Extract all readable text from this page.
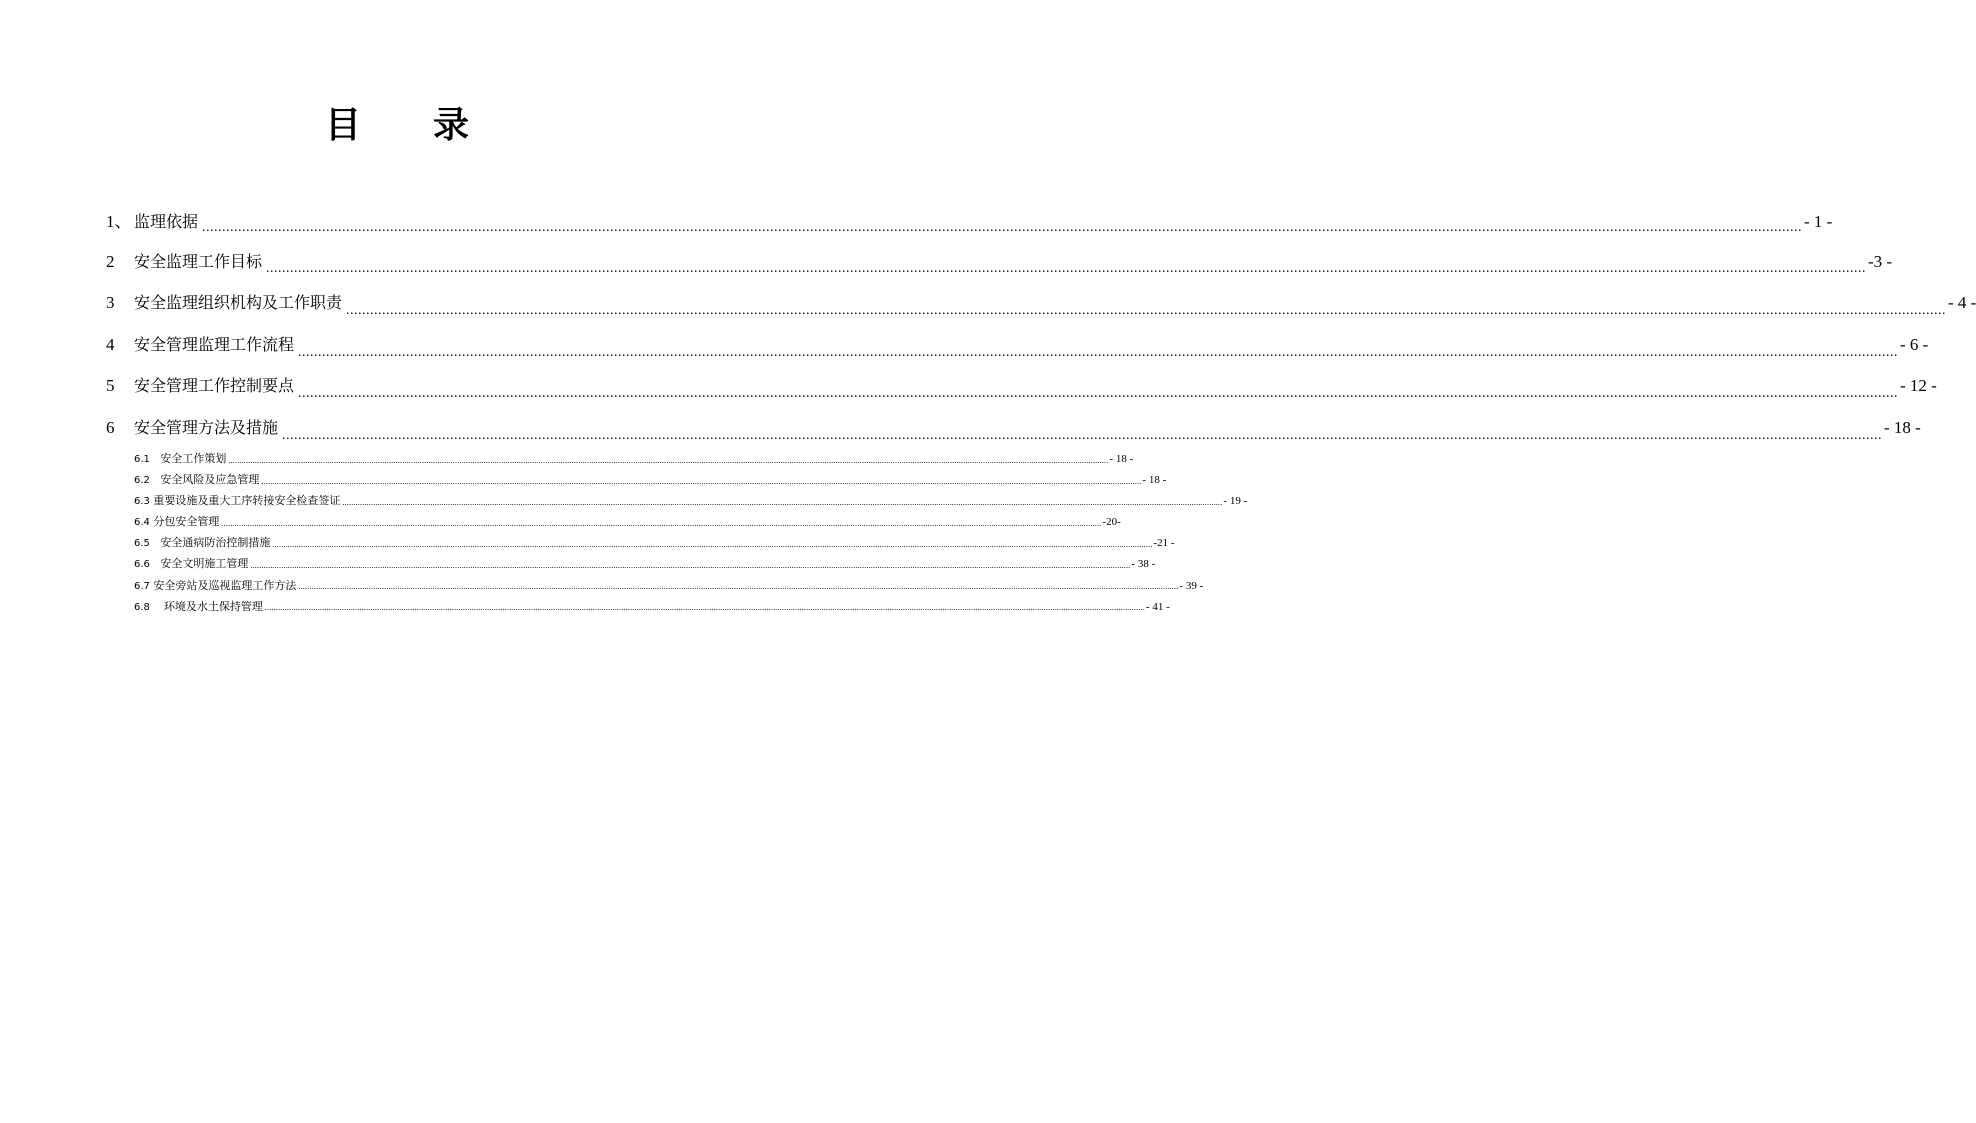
目 录
1、 监理依据 ................................................................................................................................................................................................................................................................................................................................................................................................................ - 1 -
2	安全监理工作目标 ................................................................................................................................................................................................................................................................................................................................................................................................................ -3 -
3	安全监理组织机构及工作职责 ................................................................................................................................................................................................................................................................................................................................................................................................................ - 4 -
4	安全管理监理工作流程 ................................................................................................................................................................................................................................................................................................................................................................................................................ - 6 -
5	安全管理工作控制要点 ................................................................................................................................................................................................................................................................................................................................................................................................................ - 12 -
6	安全管理方法及措施 ................................................................................................................................................................................................................................................................................................................................................................................................................ - 18 -
6.1 安全工作策划 ................................................................................................................................................................................................................................................................................................................................................................................................................ - 18 -
6.2 安全风险及应急管理 ................................................................................................................................................................................................................................................................................................................................................................................................................ - 18 -
6.3 重要设施及重大工序转接安全检查签证 ................................................................................................................................................................................................................................................................................................................................................................................................................ - 19 -
6.4 分包安全管理 ................................................................................................................................................................................................................................................................................................................................................................................................................ -20-
6.5 安全通病防治控制措施 ................................................................................................................................................................................................................................................................................................................................................................................................................ -21 -
6.6 安全文明施工管理 ................................................................................................................................................................................................................................................................................................................................................................................................................ - 38 -
6.7 安全旁站及巡视监理工作方法 ................................................................................................................................................................................................................................................................................................................................................................................................................ - 39 -
6.8 环境及水土保持管理 ................................................................................................................................................................................................................................................................................................................................................................................................................ - 41 -
